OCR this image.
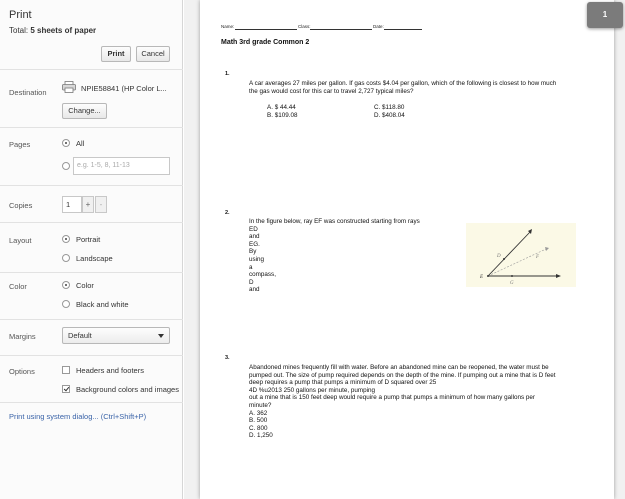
Print
Total: 5 sheets of paper
Print	Cancel
Destination	NPIE58841 (HP Color L...
Change...
Pages	All
e.g. 1-5, 8, 11-13
Copies	1	+	-
Layout	Portrait
Landscape
Color	Color
Black and white
Margins	Default
Options	Headers and footers
Background colors and images
Print using system dialog... (Ctrl+Shift+P)
Name:	Class:	Date:
Math 3rd grade Common 2
1.
A car averages 27 miles per gallon. If gas costs $4.04 per gallon, which of the following is closest to how much
the gas would cost for this car to travel 2,727 typical miles?
A. $ 44.44
B. $109.08
C. $118.80
D. $408.04
2.
In the figure below, ray EF was constructed starting from rays
ED
and
EG.
By
using
a
compass,
D
and
E
D	F
G
3.
Abandoned mines frequently fill with water. Before an abandoned mine can be reopened, the water must be
pumped out. The size of pump required depends on the depth of the mine. If pumping out a mine that is D feet
deep requires a pump that pumps a minimum of D squared over 25
4D %u2013 250 gallons per minute, pumping
out a mine that is 150 feet deep would require a pump that pumps a minimum of how many gallons per
minute?
A. 362
B. 500
C. 800
D. 1,250
1
